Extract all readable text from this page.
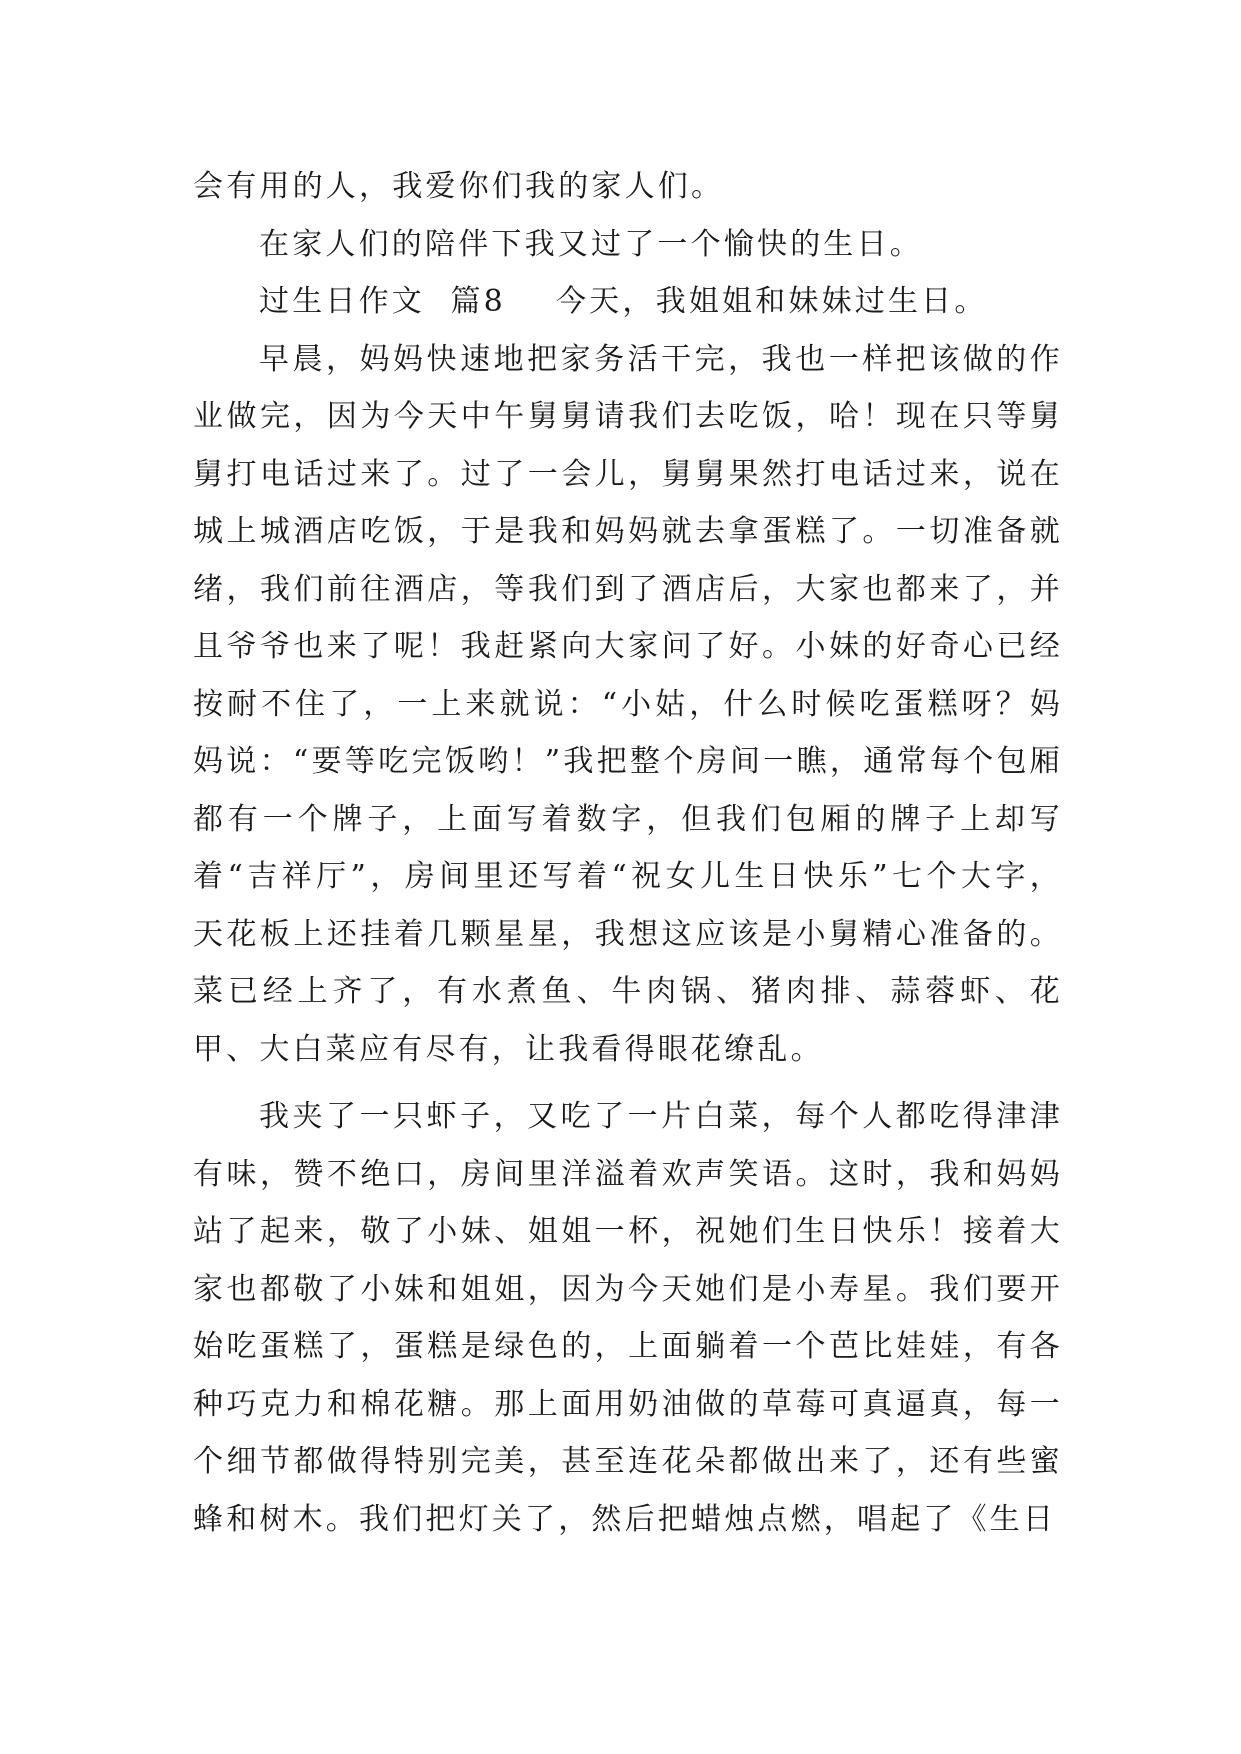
会有用的人，我爱你们我的家人们。

在家人们的陪伴下我又过了一个愉快的生日。

过生日作文  篇8 今天，我姐姐和妹妹过生日。

早晨，妈妈快速地把家务活干完，我也一样把该做的作业做完，因为今天中午舅舅请我们去吃饭，哈！现在只等舅舅打电话过来了。过了一会儿，舅舅果然打电话过来，说在城上城酒店吃饭，于是我和妈妈就去拿蛋糕了。一切准备就绪，我们前往酒店，等我们到了酒店后，大家也都来了，并且爷爷也来了呢！我赶紧向大家问了好。小妹的好奇心已经按耐不住了，一上来就说：“小姑，什么时候吃蛋糕呀？妈妈说：“要等吃完饭哟！”我把整个房间一瞧，通常每个包厢都有一个牌子，上面写着数字，但我们包厢的牌子上却写着“吉祥厅”，房间里还写着“祝女儿生日快乐”七个大字，天花板上还挂着几颗星星，我想这应该是小舅精心准备的。菜已经上齐了，有水煮鱼、牛肉锅、猪肉排、蒜蓉虾、花甲、大白菜应有尽有，让我看得眼花缭乱。

我夹了一只虾子，又吃了一片白菜，每个人都吃得津津有味，赞不绝口，房间里洋溢着欢声笑语。这时，我和妈妈站了起来，敬了小妹、姐姐一杯，祝她们生日快乐！接着大家也都敬了小妹和姐姐，因为今天她们是小寿星。我们要开始吃蛋糕了，蛋糕是绿色的，上面躺着一个芭比娃娃，有各种巧克力和棉花糖。那上面用奶油做的草莓可真逼真，每一个细节都做得特别完美，甚至连花朵都做出来了，还有些蜜蜂和树木。我们把灯关了，然后把蜡烛点燃，唱起了《生日
